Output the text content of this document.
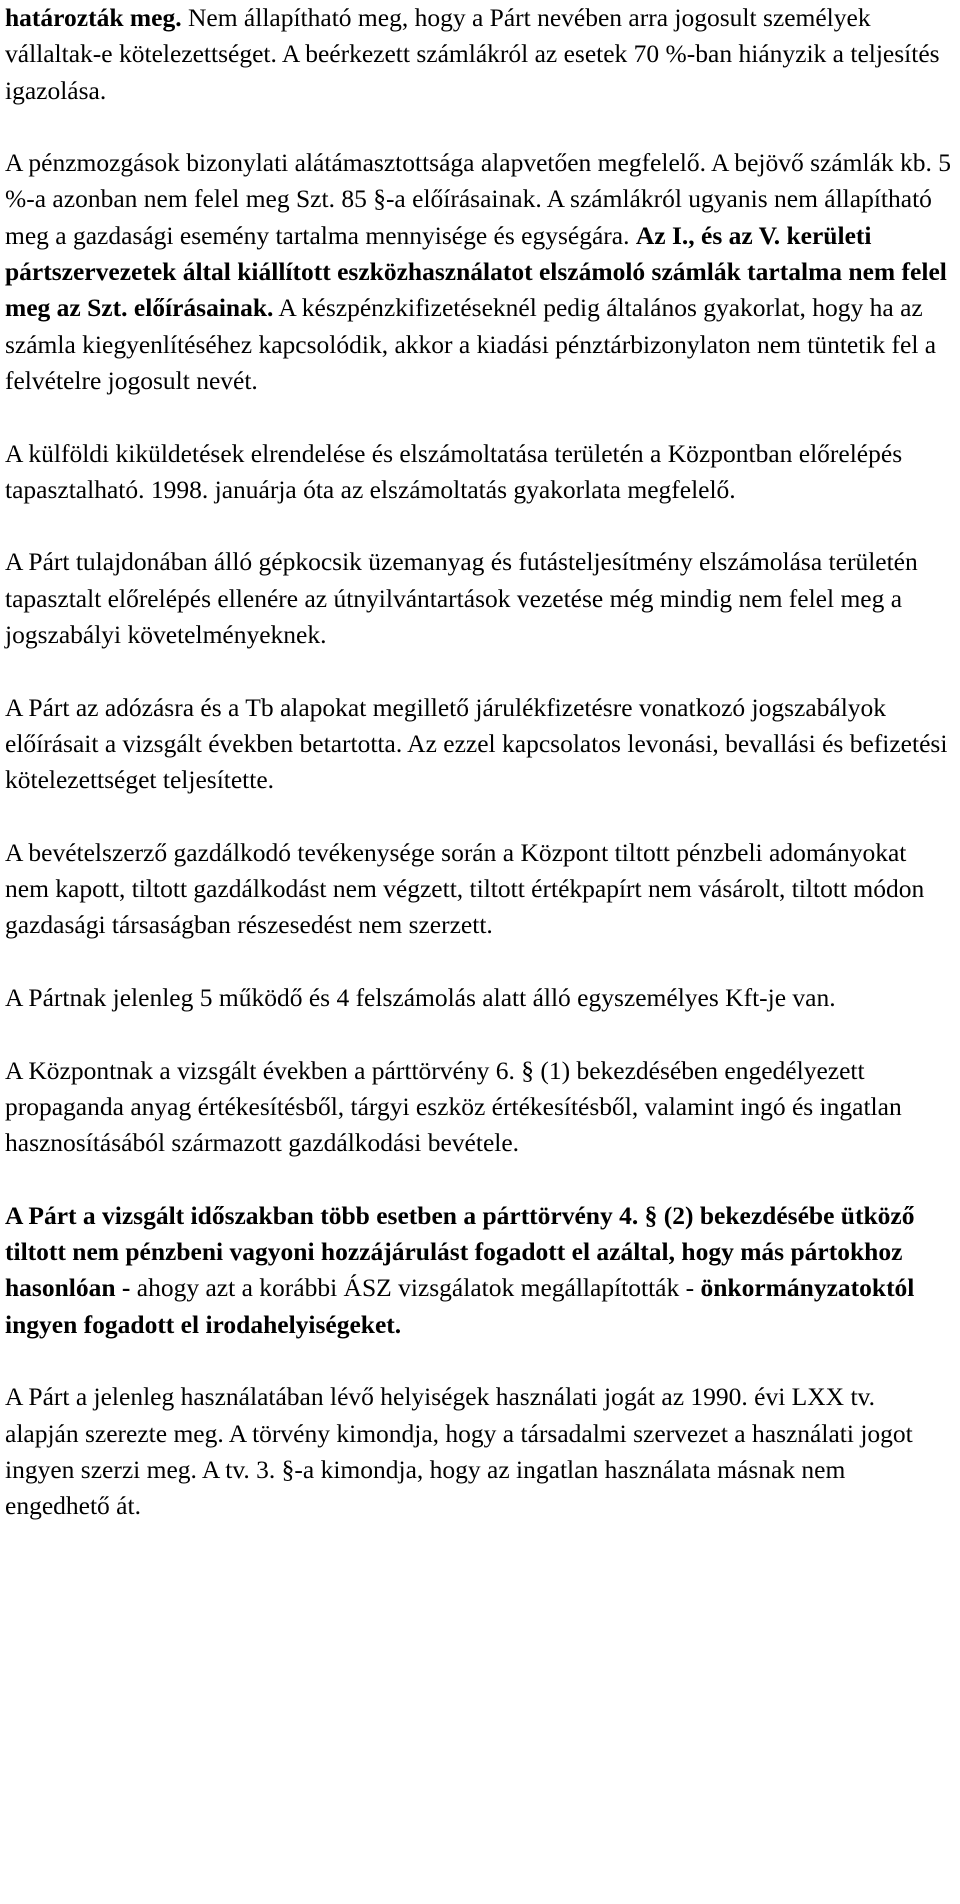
határozták meg. Nem állapítható meg, hogy a Párt nevében arra jogosult személyek vállaltak-e kötelezettséget. A beérkezett számlákról az esetek 70 %-ban hiányzik a teljesítés igazolása.

A pénzmozgások bizonylati alátámasztottsága alapvetően megfelelő. A bejövő számlák kb. 5 %-a azonban nem felel meg Szt. 85 §-a előírásainak. A számlákról ugyanis nem állapítható meg a gazdasági esemény tartalma mennyisége és egységára. Az I., és az V. kerületi pártszervezetek által kiállított eszközhasználatot elszámoló számlák tartalma nem felel meg az Szt. előírásainak. A készpénzkifizetéseknél pedig általános gyakorlat, hogy ha az számla kiegyenlítéséhez kapcsolódik, akkor a kiadási pénztárbizonylaton nem tüntetik fel a felvételre jogosult nevét.

A külföldi kiküldetések elrendelése és elszámoltatása területén a Központban előrelépés tapasztalható. 1998. januárja óta az elszámoltatás gyakorlata megfelelő.

A Párt tulajdonában álló gépkocsik üzemanyag és futásteljesítmény elszámolása területén tapasztalt előrelépés ellenére az útnyilvántartások vezetése még mindig nem felel meg a jogszabályi követelményeknek.

A Párt az adózásra és a Tb alapokat megillető járulékfizetésre vonatkozó jogszabályok előírásait a vizsgált években betartotta. Az ezzel kapcsolatos levonási, bevallási és befizetési kötelezettséget teljesítette.

A bevételszerző gazdálkodó tevékenysége során a Központ tiltott pénzbeli adományokat nem kapott, tiltott gazdálkodást nem végzett, tiltott értékpapírt nem vásárolt, tiltott módon gazdasági társaságban részesedést nem szerzett.

A Pártnak jelenleg 5 működő és 4 felszámolás alatt álló egyszemélyes Kft-je van.

A Központnak a vizsgált években a párttörvény 6. § (1) bekezdésében engedélyezett propaganda anyag értékesítésből, tárgyi eszköz értékesítésből, valamint ingó és ingatlan hasznosításából származott gazdálkodási bevétele.

A Párt a vizsgált időszakban több esetben a párttörvény 4. § (2) bekezdésébe ütköző tiltott nem pénzbeni vagyoni hozzájárulást fogadott el azáltal, hogy más pártokhoz hasonlóan - ahogy azt a korábbi ÁSZ vizsgálatok megállapították - önkormányzatoktól ingyen fogadott el irodahelyiségeket.

A Párt a jelenleg használatában lévő helyiségek használati jogát az 1990. évi LXX tv. alapján szerezte meg. A törvény kimondja, hogy a társadalmi szervezet a használati jogot ingyen szerzi meg. A tv. 3. §-a kimondja, hogy az ingatlan használata másnak nem engedhető át.
